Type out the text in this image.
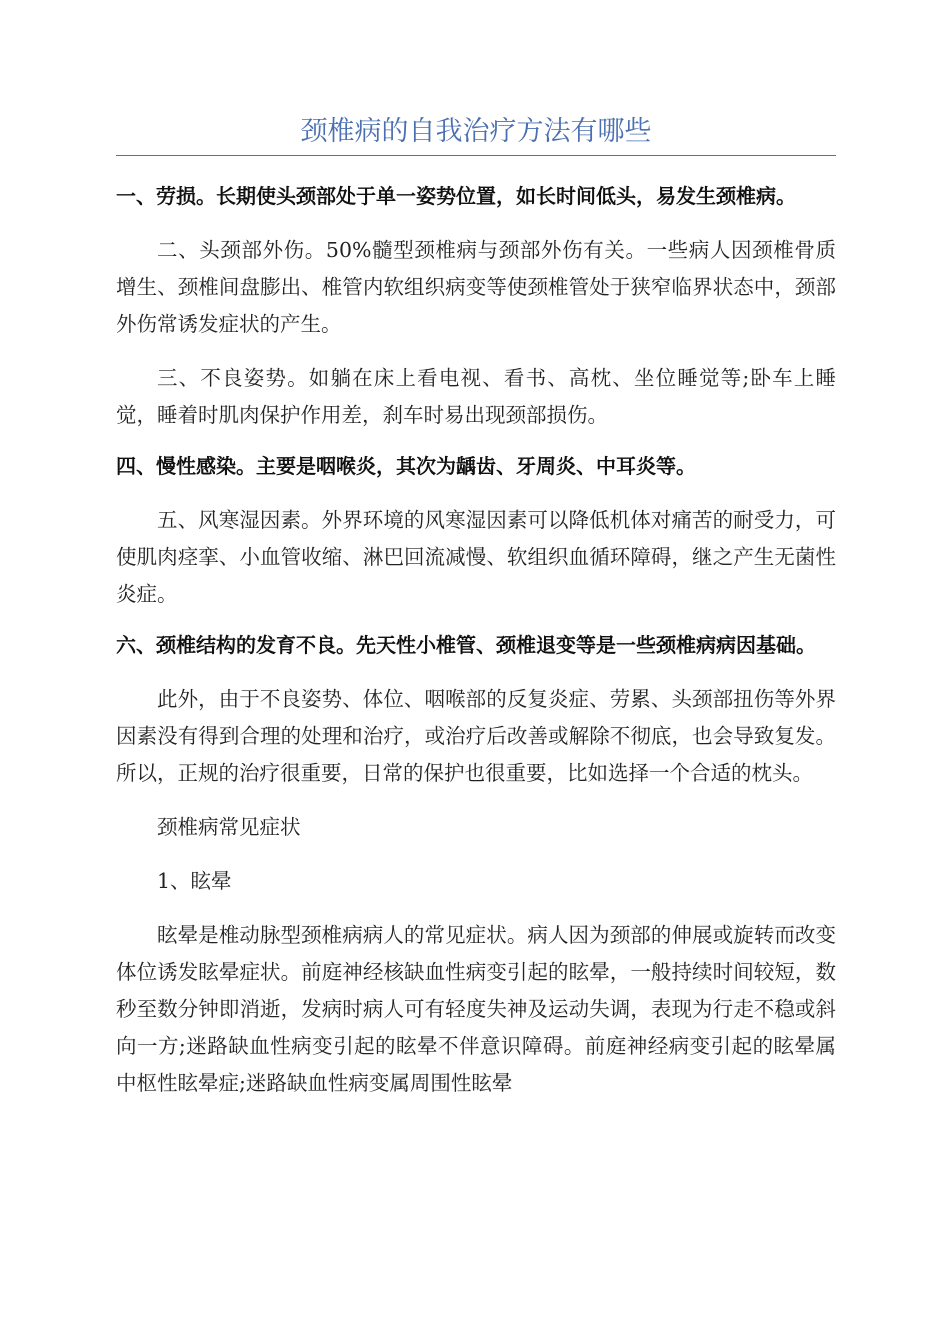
颈椎病的自我治疗方法有哪些

一、劳损。长期使头颈部处于单一姿势位置，如长时间低头，易发生颈椎病。

二、头颈部外伤。50%髓型颈椎病与颈部外伤有关。一些病人因颈椎骨质增生、颈椎间盘膨出、椎管内软组织病变等使颈椎管处于狭窄临界状态中，颈部外伤常诱发症状的产生。

三、不良姿势。如躺在床上看电视、看书、高枕、坐位睡觉等;卧车上睡觉，睡着时肌肉保护作用差，刹车时易出现颈部损伤。

四、慢性感染。主要是咽喉炎，其次为龋齿、牙周炎、中耳炎等。

五、风寒湿因素。外界环境的风寒湿因素可以降低机体对痛苦的耐受力，可使肌肉痉挛、小血管收缩、淋巴回流减慢、软组织血循环障碍，继之产生无菌性炎症。

六、颈椎结构的发育不良。先天性小椎管、颈椎退变等是一些颈椎病病因基础。

此外，由于不良姿势、体位、咽喉部的反复炎症、劳累、头颈部扭伤等外界因素没有得到合理的处理和治疗，或治疗后改善或解除不彻底，也会导致复发。所以，正规的治疗很重要，日常的保护也很重要，比如选择一个合适的枕头。

颈椎病常见症状

1、眩晕

眩晕是椎动脉型颈椎病病人的常见症状。病人因为颈部的伸展或旋转而改变体位诱发眩晕症状。前庭神经核缺血性病变引起的眩晕，一般持续时间较短，数秒至数分钟即消逝，发病时病人可有轻度失神及运动失调，表现为行走不稳或斜向一方;迷路缺血性病变引起的眩晕不伴意识障碍。前庭神经病变引起的眩晕属中枢性眩晕症;迷路缺血性病变属周围性眩晕
